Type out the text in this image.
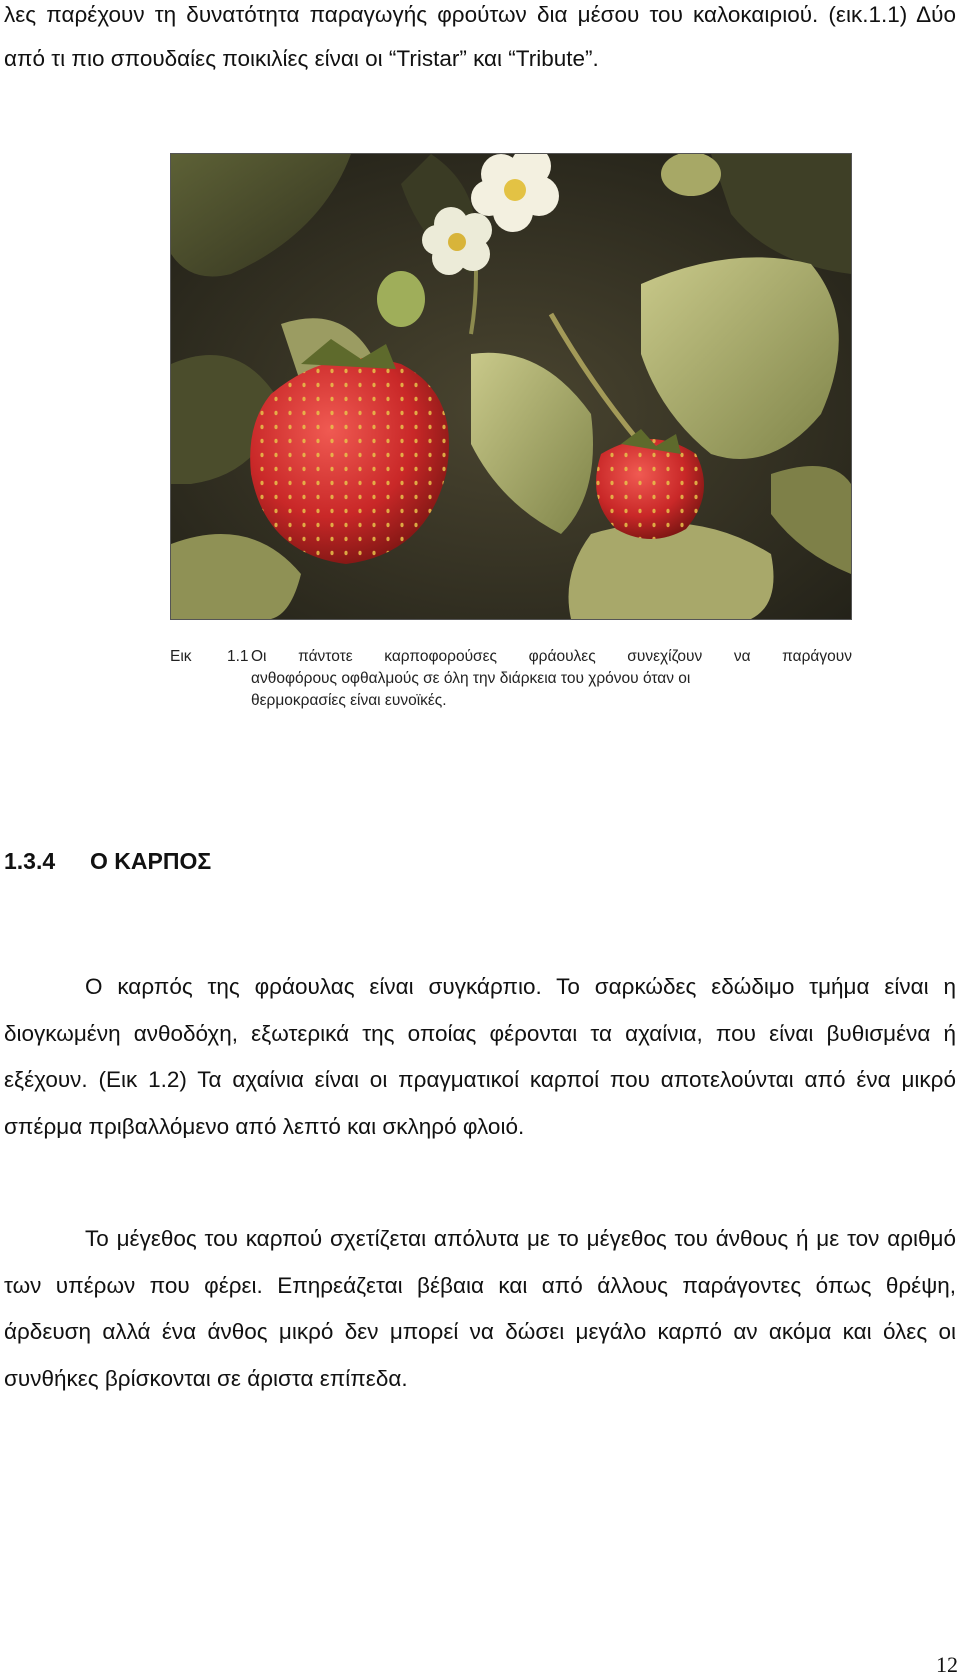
λες παρέχουν τη δυνατότητα παραγωγής φρούτων δια μέσου του καλοκαιριού. (εικ.1.1) Δύο από τι πιο σπουδαίες ποικιλίες είναι οι “Tristar” και “Tribute”.

Εικ 1.1 Οι πάντοτε καρποφορούσες φράουλες συνεχίζουν να παράγουν
ανθοφόρους οφθαλμούς σε όλη την διάρκεια του χρόνου όταν οι
θερμοκρασίες είναι ευνοϊκές.
1.3.4 Ο ΚΑΡΠΟΣ

Ο καρπός της φράουλας είναι συγκάρπιο. Το σαρκώδες εδώδιμο τμήμα είναι η διογκωμένη ανθοδόχη, εξωτερικά της οποίας φέρονται τα αχαίνια, που είναι βυθισμένα ή εξέχουν. (Εικ 1.2) Τα αχαίνια είναι οι πραγματικοί καρποί που αποτελούνται από ένα μικρό σπέρμα πριβαλλόμενο από λεπτό και σκληρό φλοιό.

Το μέγεθος του καρπού σχετίζεται απόλυτα με το μέγεθος του άνθους ή με τον αριθμό των υπέρων που φέρει. Επηρεάζεται βέβαια και από άλλους παράγοντες όπως θρέψη, άρδευση αλλά ένα άνθος μικρό δεν μπορεί να δώσει μεγάλο καρπό αν ακόμα και όλες οι συνθήκες βρίσκονται σε άριστα επίπεδα.

12
